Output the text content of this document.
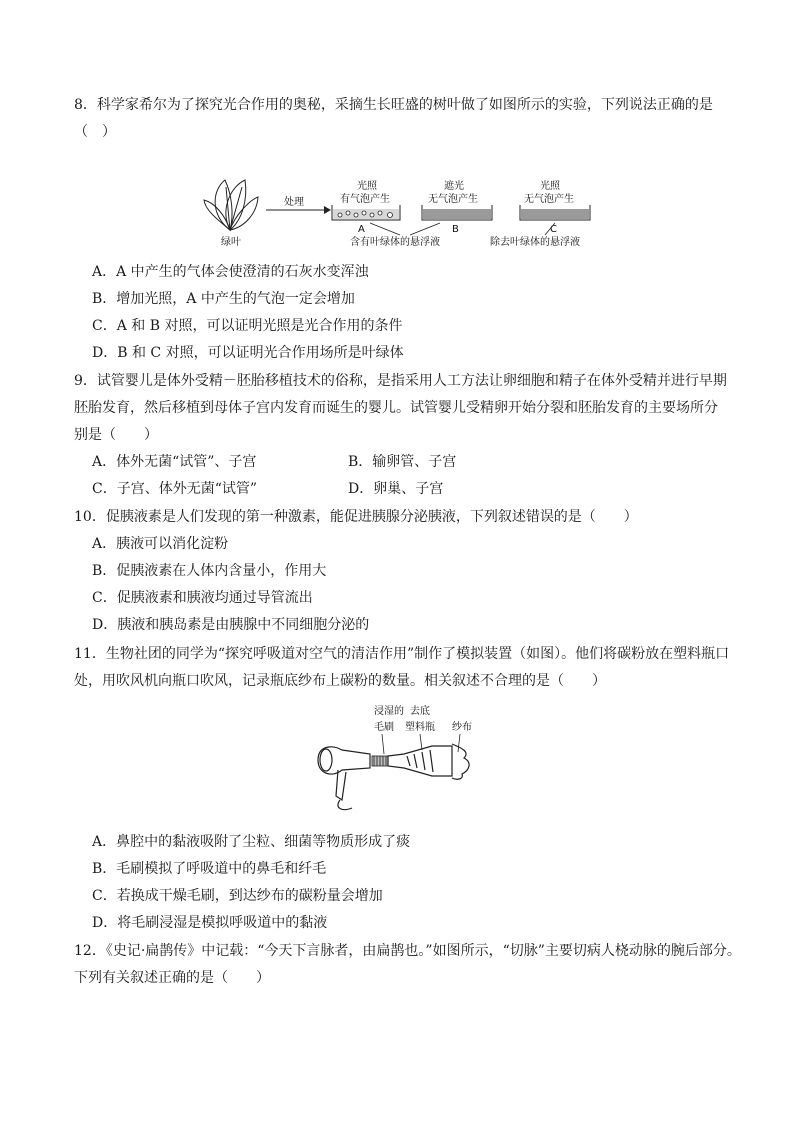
8．科学家希尔为了探究光合作用的奥秘，采摘生长旺盛的树叶做了如图所示的实验，下列说法正确的是
（　）
绿叶
处理
光照
有气泡产生
A
遮光
无气泡产生
B
光照
无气泡产生
C
含有叶绿体的悬浮液	除去叶绿体的悬浮液
A．A 中产生的气体会使澄清的石灰水变浑浊
B．增加光照，A 中产生的气泡一定会增加
C．A 和 B 对照，可以证明光照是光合作用的条件
D．B 和 C 对照，可以证明光合作用场所是叶绿体
9．试管婴儿是体外受精－胚胎移植技术的俗称，是指采用人工方法让卵细胞和精子在体外受精并进行早期
胚胎发育，然后移植到母体子宫内发育而诞生的婴儿。试管婴儿受精卵开始分裂和胚胎发育的主要场所分
别是（　　）
A．体外无菌“试管”、子宫	B．输卵管、子宫
C．子宫、体外无菌“试管”	D．卵巢、子宫
10．促胰液素是人们发现的第一种激素，能促进胰腺分泌胰液，下列叙述错误的是（　　）
A．胰液可以消化淀粉
B．促胰液素在人体内含量小，作用大
C．促胰液素和胰液均通过导管流出
D．胰液和胰岛素是由胰腺中不同细胞分泌的
11．生物社团的同学为“探究呼吸道对空气的清洁作用”制作了模拟装置（如图）。他们将碳粉放在塑料瓶口
处，用吹风机向瓶口吹风，记录瓶底纱布上碳粉的数量。相关叙述不合理的是（　　）
浸湿的
毛刷
去底
塑料瓶 纱布
A．鼻腔中的黏液吸附了尘粒、细菌等物质形成了痰
B．毛刷模拟了呼吸道中的鼻毛和纤毛
C．若换成干燥毛刷，到达纱布的碳粉量会增加
D．将毛刷浸湿是模拟呼吸道中的黏液
12．《史记·扁鹊传》中记载：“今天下言脉者，由扁鹊也。”如图所示，“切脉”主要切病人桡动脉的腕后部分。
下列有关叙述正确的是（　　）
